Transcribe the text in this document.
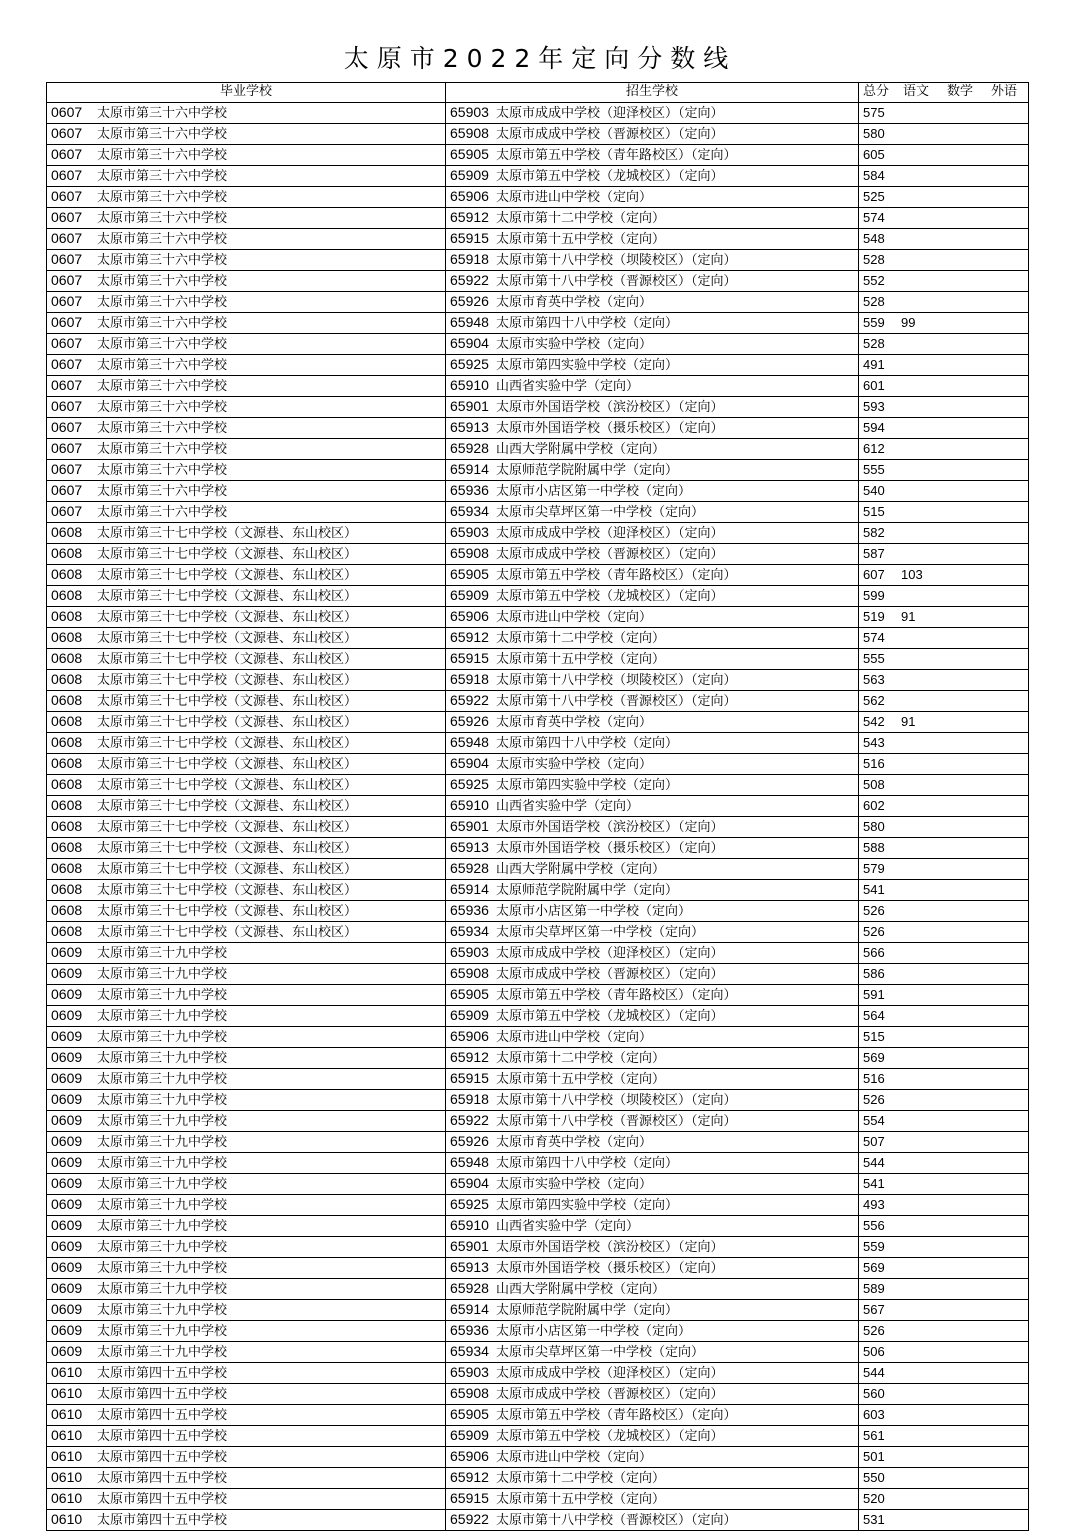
太原市2022年定向分数线
毕业学校	招生学校	总分 语文 数学 外语
0607 太原市第三十六中学校	65903 太原市成成中学校（迎泽校区）（定向）	575
0607 太原市第三十六中学校	65908 太原市成成中学校（晋源校区）（定向）	580
0607 太原市第三十六中学校	65905 太原市第五中学校（青年路校区）（定向）	605
0607 太原市第三十六中学校	65909 太原市第五中学校（龙城校区）（定向）	584
0607 太原市第三十六中学校	65906 太原市进山中学校（定向）	525
0607 太原市第三十六中学校	65912 太原市第十二中学校（定向）	574
0607 太原市第三十六中学校	65915 太原市第十五中学校（定向）	548
0607 太原市第三十六中学校	65918 太原市第十八中学校（坝陵校区）（定向）	528
0607 太原市第三十六中学校	65922 太原市第十八中学校（晋源校区）（定向）	552
0607 太原市第三十六中学校	65926 太原市育英中学校（定向）	528
0607 太原市第三十六中学校	65948 太原市第四十八中学校（定向）	559 99
0607 太原市第三十六中学校	65904 太原市实验中学校（定向）	528
0607 太原市第三十六中学校	65925 太原市第四实验中学校（定向）	491
0607 太原市第三十六中学校	65910 山西省实验中学（定向）	601
0607 太原市第三十六中学校	65901 太原市外国语学校（滨汾校区）（定向）	593
0607 太原市第三十六中学校	65913 太原市外国语学校（摄乐校区）（定向）	594
0607 太原市第三十六中学校	65928 山西大学附属中学校（定向）	612
0607 太原市第三十六中学校	65914 太原师范学院附属中学（定向）	555
0607 太原市第三十六中学校	65936 太原市小店区第一中学校（定向）	540
0607 太原市第三十六中学校	65934 太原市尖草坪区第一中学校（定向）	515
0608 太原市第三十七中学校（文源巷、东山校区）	65903 太原市成成中学校（迎泽校区）（定向）	582
0608 太原市第三十七中学校（文源巷、东山校区）	65908 太原市成成中学校（晋源校区）（定向）	587
0608 太原市第三十七中学校（文源巷、东山校区）	65905 太原市第五中学校（青年路校区）（定向）	607 103
0608 太原市第三十七中学校（文源巷、东山校区）	65909 太原市第五中学校（龙城校区）（定向）	599
0608 太原市第三十七中学校（文源巷、东山校区）	65906 太原市进山中学校（定向）	519 91
0608 太原市第三十七中学校（文源巷、东山校区）	65912 太原市第十二中学校（定向）	574
0608 太原市第三十七中学校（文源巷、东山校区）	65915 太原市第十五中学校（定向）	555
0608 太原市第三十七中学校（文源巷、东山校区）	65918 太原市第十八中学校（坝陵校区）（定向）	563
0608 太原市第三十七中学校（文源巷、东山校区）	65922 太原市第十八中学校（晋源校区）（定向）	562
0608 太原市第三十七中学校（文源巷、东山校区）	65926 太原市育英中学校（定向）	542 91
0608 太原市第三十七中学校（文源巷、东山校区）	65948 太原市第四十八中学校（定向）	543
0608 太原市第三十七中学校（文源巷、东山校区）	65904 太原市实验中学校（定向）	516
0608 太原市第三十七中学校（文源巷、东山校区）	65925 太原市第四实验中学校（定向）	508
0608 太原市第三十七中学校（文源巷、东山校区）	65910 山西省实验中学（定向）	602
0608 太原市第三十七中学校（文源巷、东山校区）	65901 太原市外国语学校（滨汾校区）（定向）	580
0608 太原市第三十七中学校（文源巷、东山校区）	65913 太原市外国语学校（摄乐校区）（定向）	588
0608 太原市第三十七中学校（文源巷、东山校区）	65928 山西大学附属中学校（定向）	579
0608 太原市第三十七中学校（文源巷、东山校区）	65914 太原师范学院附属中学（定向）	541
0608 太原市第三十七中学校（文源巷、东山校区）	65936 太原市小店区第一中学校（定向）	526
0608 太原市第三十七中学校（文源巷、东山校区）	65934 太原市尖草坪区第一中学校（定向）	526
0609 太原市第三十九中学校	65903 太原市成成中学校（迎泽校区）（定向）	566
0609 太原市第三十九中学校	65908 太原市成成中学校（晋源校区）（定向）	586
0609 太原市第三十九中学校	65905 太原市第五中学校（青年路校区）（定向）	591
0609 太原市第三十九中学校	65909 太原市第五中学校（龙城校区）（定向）	564
0609 太原市第三十九中学校	65906 太原市进山中学校（定向）	515
0609 太原市第三十九中学校	65912 太原市第十二中学校（定向）	569
0609 太原市第三十九中学校	65915 太原市第十五中学校（定向）	516
0609 太原市第三十九中学校	65918 太原市第十八中学校（坝陵校区）（定向）	526
0609 太原市第三十九中学校	65922 太原市第十八中学校（晋源校区）（定向）	554
0609 太原市第三十九中学校	65926 太原市育英中学校（定向）	507
0609 太原市第三十九中学校	65948 太原市第四十八中学校（定向）	544
0609 太原市第三十九中学校	65904 太原市实验中学校（定向）	541
0609 太原市第三十九中学校	65925 太原市第四实验中学校（定向）	493
0609 太原市第三十九中学校	65910 山西省实验中学（定向）	556
0609 太原市第三十九中学校	65901 太原市外国语学校（滨汾校区）（定向）	559
0609 太原市第三十九中学校	65913 太原市外国语学校（摄乐校区）（定向）	569
0609 太原市第三十九中学校	65928 山西大学附属中学校（定向）	589
0609 太原市第三十九中学校	65914 太原师范学院附属中学（定向）	567
0609 太原市第三十九中学校	65936 太原市小店区第一中学校（定向）	526
0609 太原市第三十九中学校	65934 太原市尖草坪区第一中学校（定向）	506
0610 太原市第四十五中学校	65903 太原市成成中学校（迎泽校区）（定向）	544
0610 太原市第四十五中学校	65908 太原市成成中学校（晋源校区）（定向）	560
0610 太原市第四十五中学校	65905 太原市第五中学校（青年路校区）（定向）	603
0610 太原市第四十五中学校	65909 太原市第五中学校（龙城校区）（定向）	561
0610 太原市第四十五中学校	65906 太原市进山中学校（定向）	501
0610 太原市第四十五中学校	65912 太原市第十二中学校（定向）	550
0610 太原市第四十五中学校	65915 太原市第十五中学校（定向）	520
0610 太原市第四十五中学校	65922 太原市第十八中学校（晋源校区）（定向）	531
